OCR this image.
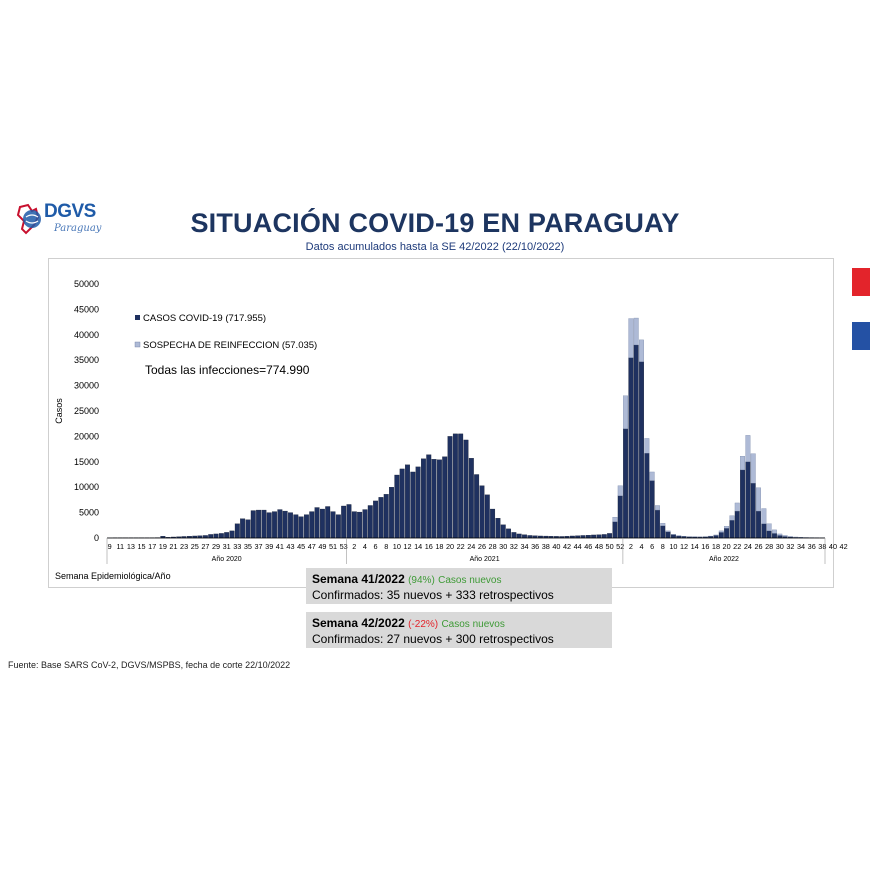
DGVS
Paraguay	SITUACIÓN COVID-19 EN PARAGUAY
Datos acumulados hasta la SE 42/2022 (22/10/2022)
0
5000
10000
15000
20000
25000
30000
35000
40000
45000
50000
Casos
9 11 13 15 17 19 21 23 25 27 29 31 33 35 37 39 41 43 45 47 49 51 53 2 4 6 8 10 12 14 16 18 20 22 24 26 28 30 32 34 36 38 40 42 44 46 48 50 52 2 4 6 8 10 12 14 16 18 20 22 24 26 28 30 32 34 36 38 40 42
Año 2020	Año 2021	Año 2022
Semana Epidemiológica/Año
CASOS COVID-19 (717.955)
SOSPECHA DE REINFECCION (57.035)
Todas las infecciones=774.990
Semana 41/2022 (94%) Casos nuevos
Confirmados: 35 nuevos + 333 retrospectivos
Semana 42/2022 (-22%) Casos nuevos
Confirmados: 27 nuevos + 300 retrospectivos
Fuente: Base SARS CoV-2, DGVS/MSPBS, fecha de corte 22/10/2022
